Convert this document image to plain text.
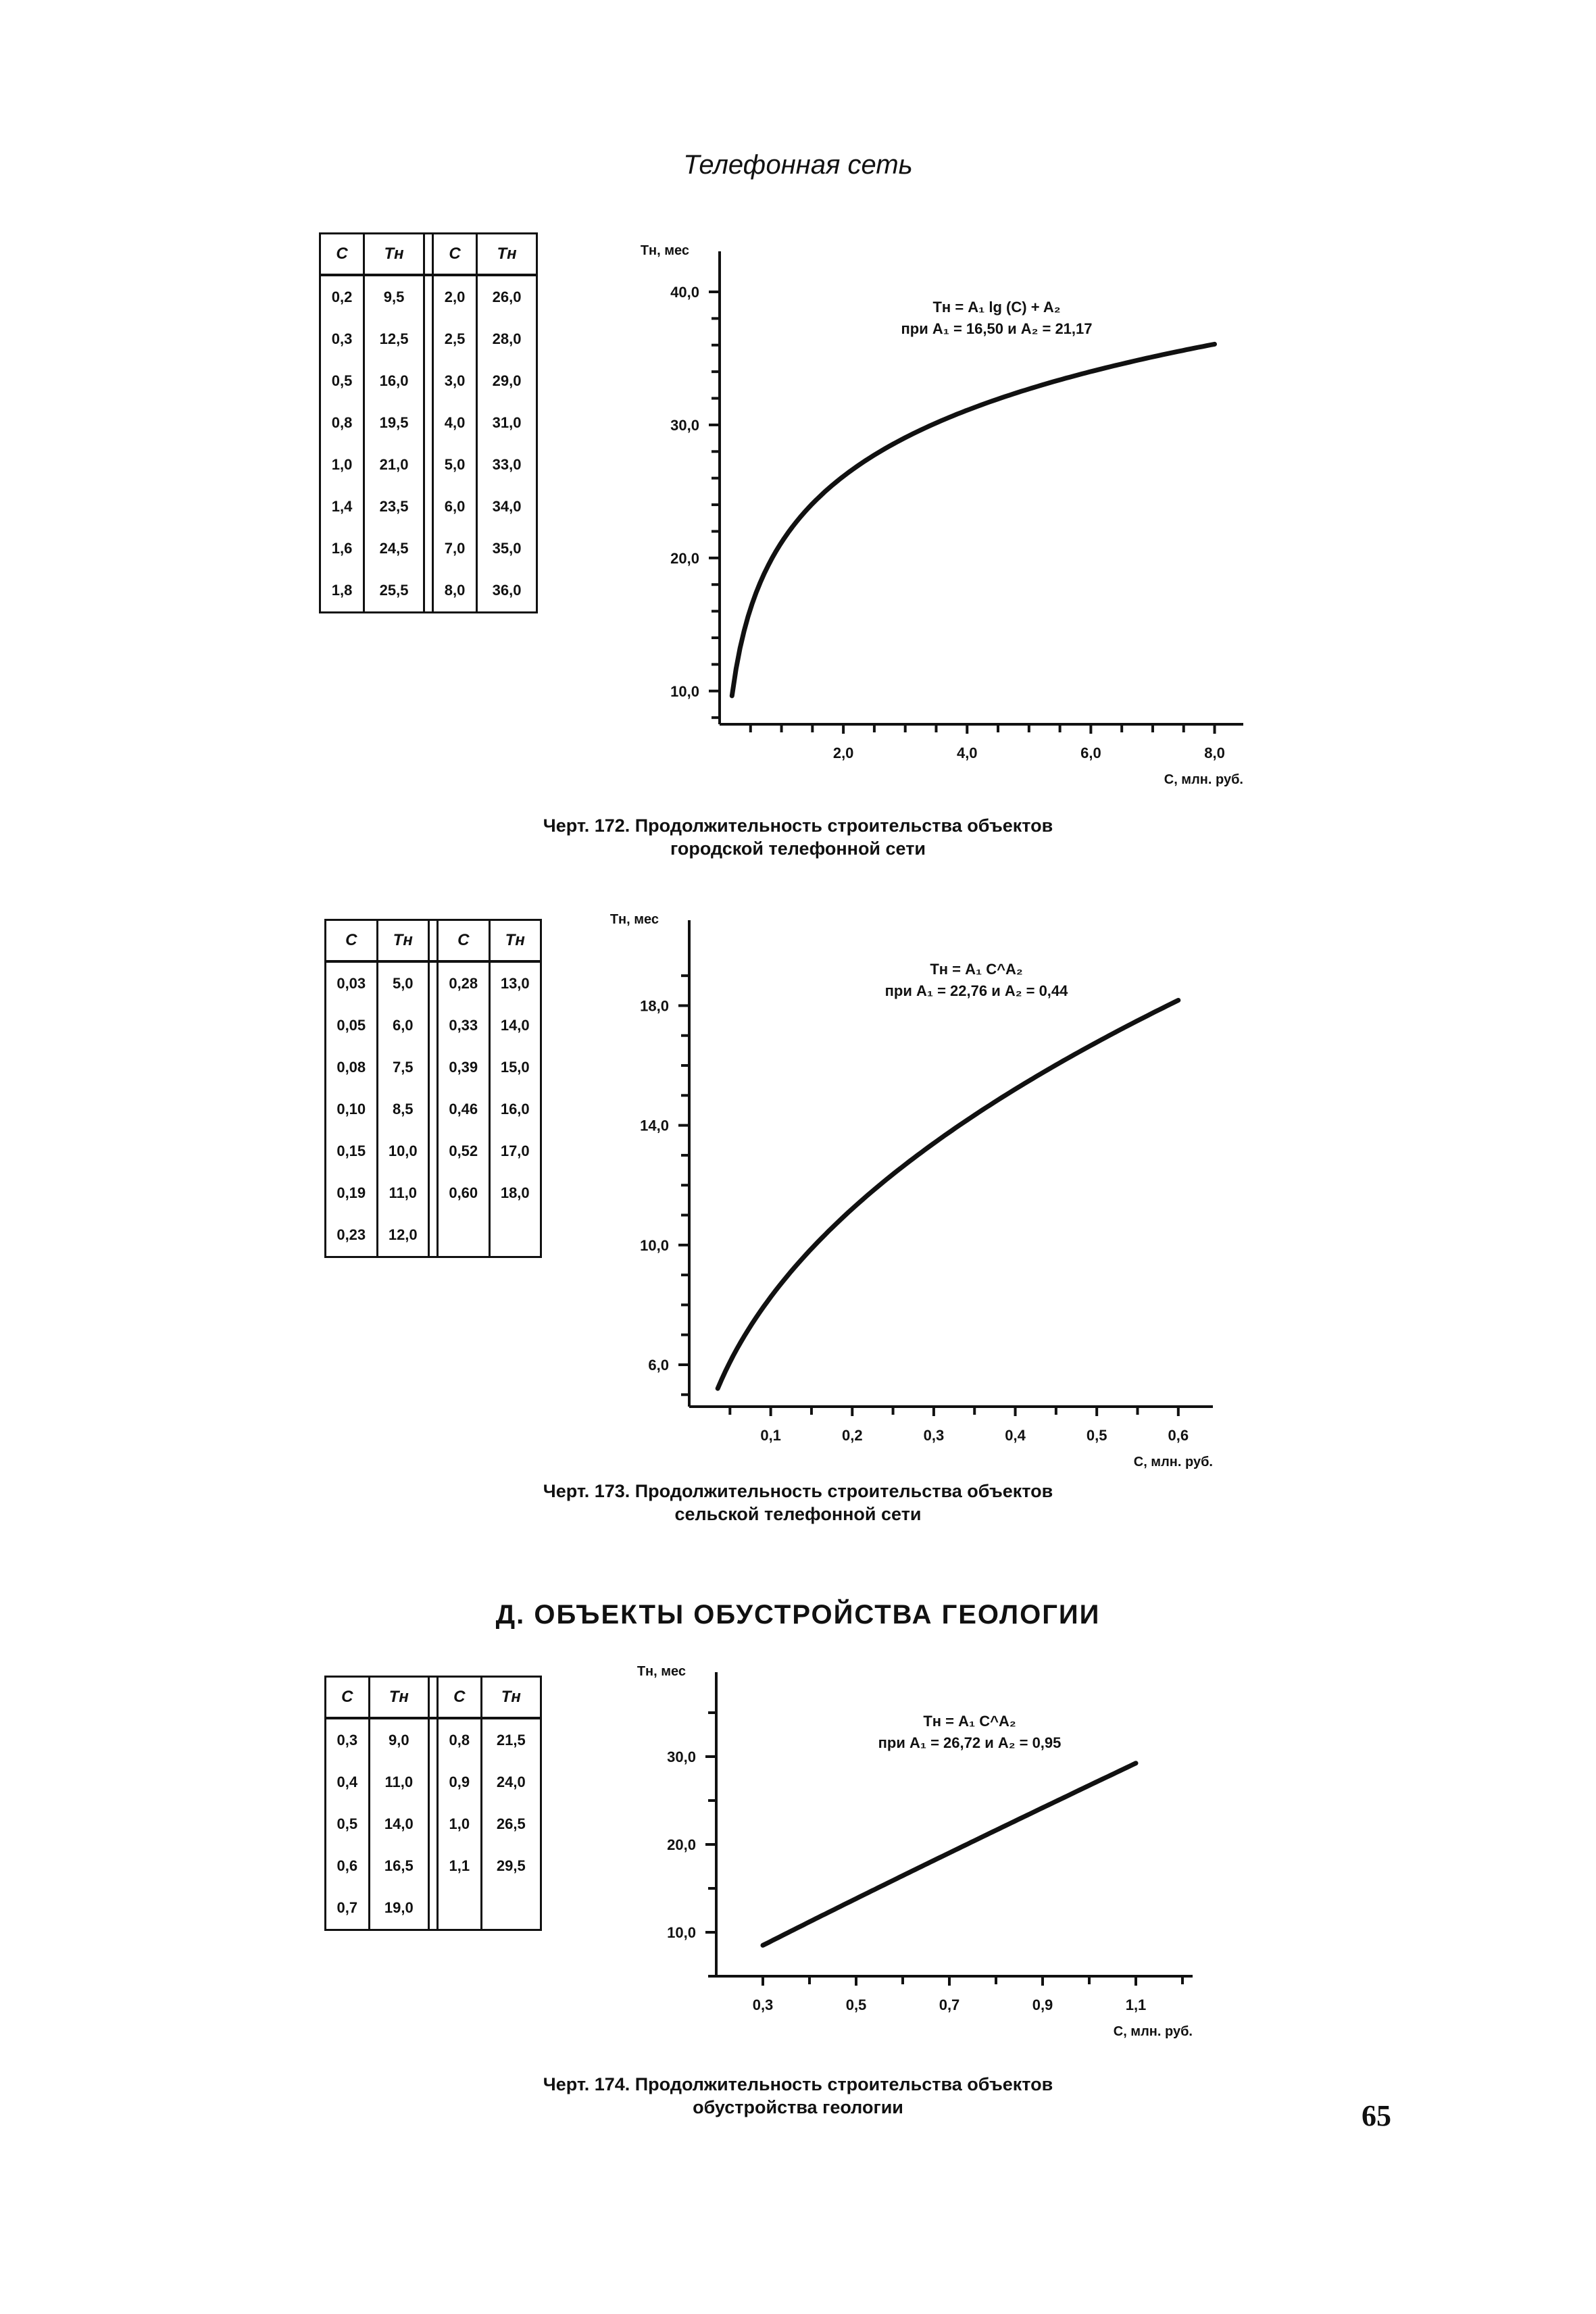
Телефонная сеть
C	Tн		C	Tн
0,2	9,5		2,0	26,0
0,3	12,5		2,5	28,0
0,5	16,0		3,0	29,0
0,8	19,5		4,0	31,0
1,0	21,0		5,0	33,0
1,4	23,5		6,0	34,0
1,6	24,5		7,0	35,0
1,8	25,5		8,0	36,0
2,0	4,0	6,0	8,0
10,0
20,0
30,0
40,0
Tн, мес
С, млн. руб.
Tн = A₁ lg (C) + A₂
при A₁ = 16,50 и A₂ = 21,17
Черт. 172. Продолжительность строительства объектов
городской телефонной сети
C	Tн		C	Tн
0,03	5,0		0,28	13,0
0,05	6,0		0,33	14,0
0,08	7,5		0,39	15,0
0,10	8,5		0,46	16,0
0,15	10,0		0,52	17,0
0,19	11,0		0,60	18,0
0,23	12,0			
0,1	0,2	0,3	0,4	0,5	0,6
6,0
10,0
14,0
18,0
Tн, мес
С, млн. руб.
Tн = A₁ C^A₂
при A₁ = 22,76 и A₂ = 0,44
Черт. 173. Продолжительность строительства объектов
сельской телефонной сети
Д. ОБЪЕКТЫ ОБУСТРОЙСТВА ГЕОЛОГИИ
C	Tн		C	Tн
0,3	9,0		0,8	21,5
0,4	11,0		0,9	24,0
0,5	14,0		1,0	26,5
0,6	16,5		1,1	29,5
0,7	19,0			
0,3	0,5	0,7	0,9	1,1
10,0
20,0
30,0
Tн, мес
С, млн. руб.
Tн = A₁ C^A₂
при A₁ = 26,72 и A₂ = 0,95
Черт. 174. Продолжительность строительства объектов
обустройства геологии	65
